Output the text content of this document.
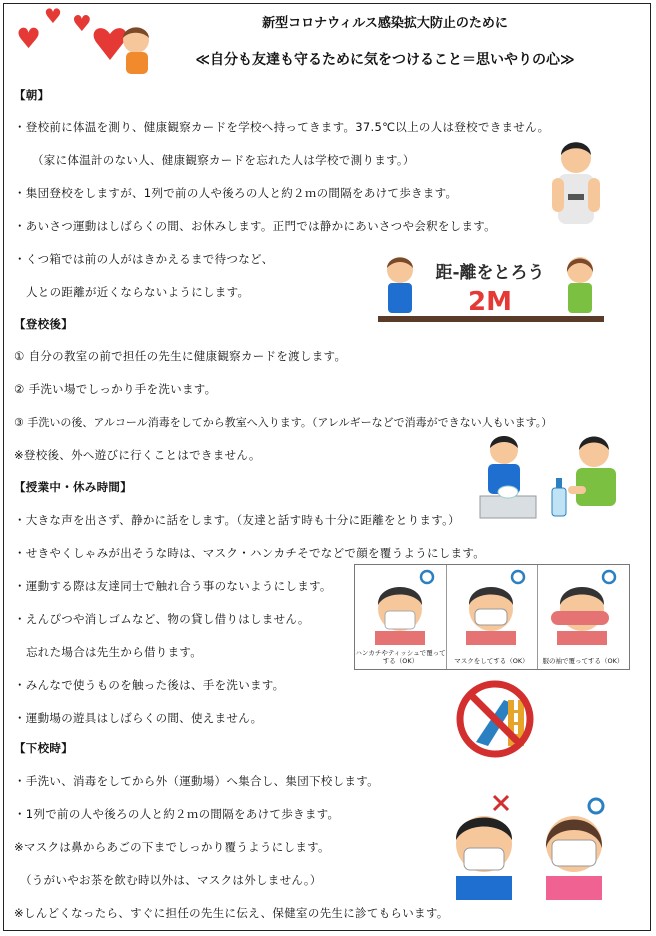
♥
♥ ♥	新型コロナウィルス感染拡大防止のために
≪自分も友達も守るために気をつけること＝思いやりの心≫
【朝】
・登校前に体温を測り、健康観察カードを学校へ持ってきます。37.5℃以上の人は登校できません。
（家に体温計のない人、健康観察カードを忘れた人は学校で測ります。）
・集団登校をしますが、1列で前の人や後ろの人と約２ｍの間隔をあけて歩きます。
・あいさつ運動はしばらくの間、お休みします。正門では静かにあいさつや会釈をします。
・くつ箱では前の人がはきかえるまで待つなど、
人との距離が近くならないようにします。
距-離をとろう
2M
【登校後】
① 自分の教室の前で担任の先生に健康観察カードを渡します。
② 手洗い場でしっかり手を洗います。
③ 手洗いの後、アルコール消毒をしてから教室へ入ります。（アレルギーなどで消毒ができない人もいます。）
※登校後、外へ遊びに行くことはできません。
【授業中・休み時間】
・大きな声を出さず、静かに話をします。（友達と話す時も十分に距離をとります。）
・せきやくしゃみが出そうな時は、マスク・ハンカチそでなどで顔を覆うようにします。
・運動する際は友達同士で触れ合う事のないようにします。
・えんぴつや消しゴムなど、物の貸し借りはしません。
忘れた場合は先生から借ります。
・みんなで使うものを触った後は、手を洗います。
・運動場の遊具はしばらくの間、使えません。
ハンカチやティッシュで覆ってする（OK）	マスクをしてする（OK）	服の袖で覆ってする（OK）
【下校時】
・手洗い、消毒をしてから外（運動場）へ集合し、集団下校します。
・1列で前の人や後ろの人と約２ｍの間隔をあけて歩きます。
※マスクは鼻からあごの下までしっかり覆うようにします。
（うがいやお茶を飲む時以外は、マスクは外しません。）
※しんどくなったら、すぐに担任の先生に伝え、保健室の先生に診てもらいます。
